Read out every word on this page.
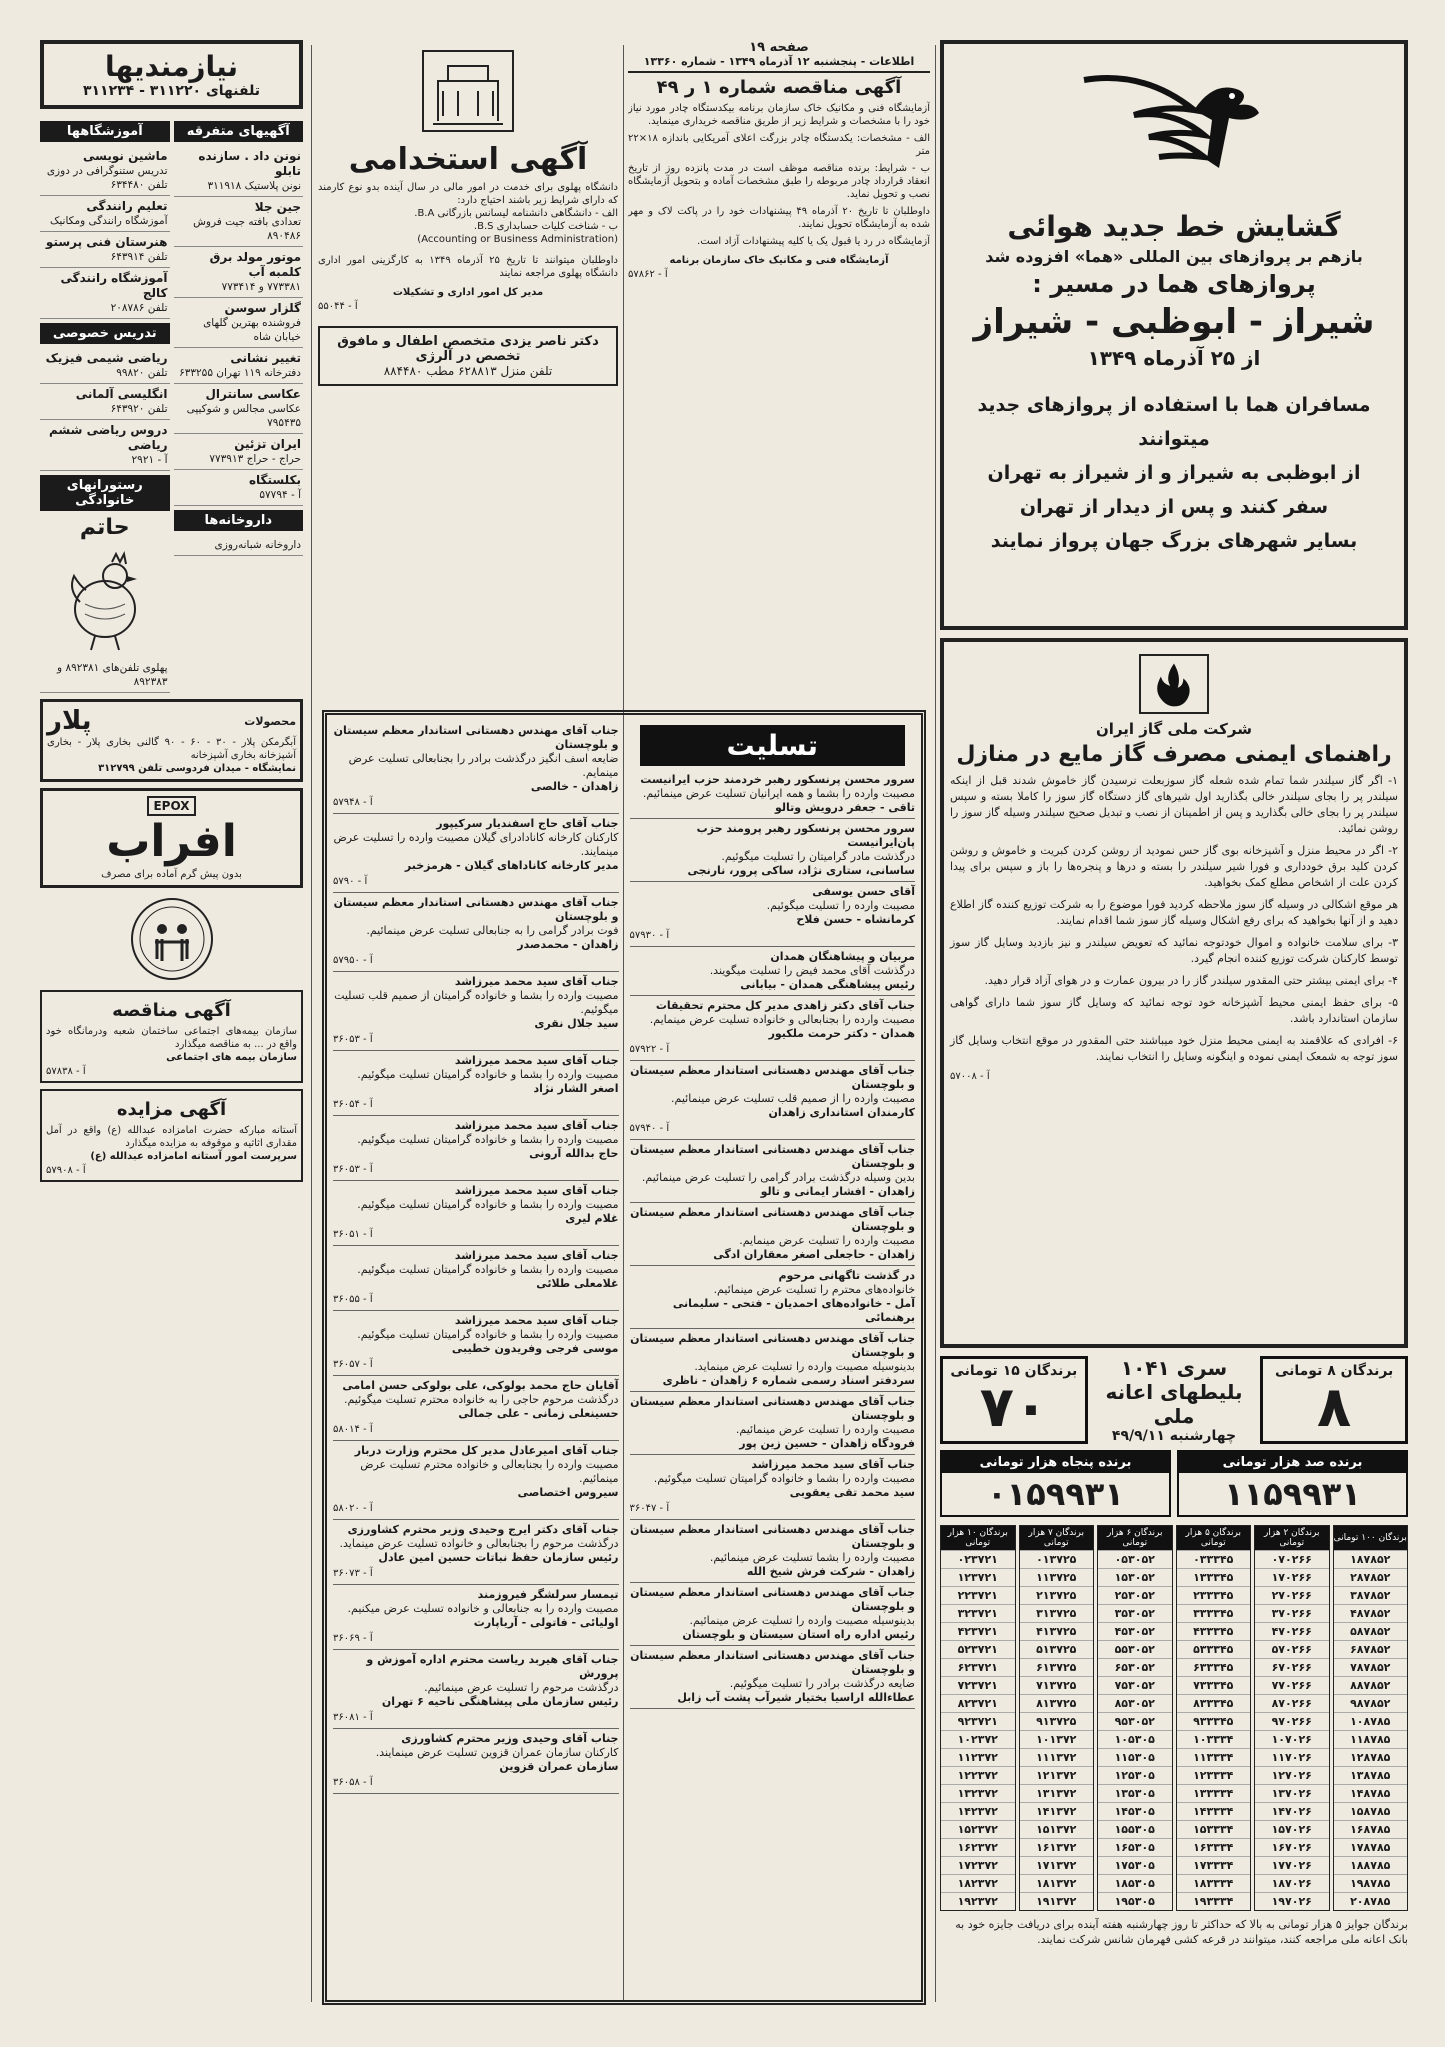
نیازمندیها
تلفنهای ۳۱۱۲۲۰ - ۳۱۱۲۳۴
آگهیهای متفرقه
نونن داد . سازنده تابلو
نونن پلاستیک ۳۱۱۹۱۸
جین جلا
تعدادی بافته جیت فروش ۸۹۰۴۸۶
موتور مولد برق کلمبه آب
۷۷۳۳۸۱ و ۷۷۳۴۱۴
گلزار سوسن
فروشنده بهترین گلهای خیابان شاه
تغییر نشانی
دفترخانه ۱۱۹ تهران ۶۳۳۲۵۵
عکاسی سانترال
عکاسی مجالس و شوکیپی ۷۹۵۴۳۵
ایران تزئین
حراج - حراج ۷۷۳۹۱۳
بکلستگاه
آ - ۵۷۷۹۴
داروخانه‌ها
داروخانه شبانه‌روزی
آموزشگاهها
ماشین نویسی
تدریس ستنوگرافی در دوزی تلفن ۶۳۴۴۸۰
تعلیم رانندگی
آموزشگاه رانندگی ومکانیک
هنرستان فنی پرستو
تلفن ۶۴۳۹۱۴
آموزشگاه رانندگی کالج
تلفن ۲۰۸۷۸۶
تدریس خصوصی
ریاضی شیمی فیزیک
تلفن ۹۹۸۲۰
انگلیسی آلمانی
تلفن ۶۴۳۹۲۰
دروس ریاضی ششم ریاضی
آ - ۲۹۲۱
رستورانهای خانوادگی
حاتم
پهلوی تلفن‌های ۸۹۲۳۸۱ و ۸۹۲۳۸۳
محصولات
پلار
آبگرمکن پلار - ۳۰ - ۶۰ - ۹۰ گالنی بخاری پلار - بخاری آشپزخانه بخاری آشپزخانه
نمایشگاه - میدان فردوسی تلفن ۳۱۲۷۹۹
EPOX
افراب
بدون پیش گرم آماده برای مصرف
آگهی مناقصه
سازمان بیمه‌های اجتماعی ساختمان شعبه ودرمانگاه خود واقع در ... به مناقصه میگذارد
سازمان بیمه های اجتماعی
آ - ۵۷۸۳۸
آگهی مزایده
آستانه مبارکه حضرت امامزاده عبدالله (ع) واقع در آمل مقداری اثاثیه و موقوفه به مزایده میگذارد
سرپرست امور آستانه امامزاده عبدالله (ع)
آ - ۵۷۹۰۸
آگهی استخدامی
دانشگاه پهلوی برای خدمت در امور مالی در سال آینده بدو نوع کارمند که دارای شرایط زیر باشند احتیاج دارد:
الف - دانشگاهی دانشنامه لیسانس بازرگانی B.A.
ب - شناخت کلیات حسابداری B.S.
(Accounting or Business Administration)
داوطلبان میتوانند تا تاریخ ۲۵ آذرماه ۱۳۴۹ به کارگزینی امور اداری دانشگاه پهلوی مراجعه نمایند
مدیر کل امور اداری و تشکیلات
آ - ۵۵۰۴۴
دکتر ناصر یزدی متخصص اطفال و مافوق
تخصص در آلرژی
تلفن منزل ۶۲۸۸۱۳ مطب ۸۸۴۴۸۰
صفحه ۱۹
اطلاعات - پنجشنبه ۱۲ آذرماه ۱۳۴۹ - شماره ۱۳۳۶۰
آگهی مناقصه شماره ۱ ر ۴۹
آزمایشگاه فنی و مکانیک خاک سازمان برنامه بیکدستگاه چادر مورد نیاز خود را با مشخصات و شرایط زیر از طریق مناقصه خریداری مینماید.
الف - مشخصات: یکدستگاه چادر بزرگت اعلای آمریکایی باندازه ۱۸×۲۲ متر
ب - شرایط: برنده مناقصه موظف است در مدت پانزده روز از تاریخ انعقاد قرارداد چادر مربوطه را طبق مشخصات آماده و بتحویل آزمایشگاه نصب و تحویل نماید.
داوطلبان تا تاریخ ۲۰ آذرماه ۴۹ پیشنهادات خود را در پاکت لاک و مهر شده به آزمایشگاه تحویل نمایند.
آزمایشگاه در رد یا قبول یک یا کلیه پیشنهادات آزاد است.
آزمایشگاه فنی و مکانیک خاک سازمان برنامه
آ - ۵۷۸۶۲
تسلیت
سرور محسن پرنسکور رهبر خردمند حزب ایرانیست
مصیبت وارده را بشما و همه ایرانیان تسلیت عرض مینمائیم.
تاقی - جعفر درویش وتالو
سرور محسن پرنسکور رهبر پرومند حزب پان‌ایرانیست
درگذشت مادر گرامیتان را تسلیت میگوئیم.
ساسانی، ستاری نژاد، ساکی پرور، نارنجی
آقای حسن یوسفی
مصیبت وارده را تسلیت میگوئیم.
کرمانشاه - حسن فلاح
آ - ۵۷۹۳۰
مربیان و پیشاهنگان همدان
درگذشت آقای محمد فیض را تسلیت میگویند.
رئیس پیشاهنگی همدان - بیابانی
جناب آقای دکتر زاهدی مدیر کل محترم تحقیقات
مصیبت وارده را بجنابعالی و خانواده تسلیت عرض مینمایم.
همدان - دکتر حرمت ملکیور
آ - ۵۷۹۲۲
جناب آقای مهندس دهستانی استاندار معظم سیستان و بلوچستان
مصیبت وارده را از صمیم قلب تسلیت عرض مینمائیم.
کارمندان استانداری زاهدان
آ - ۵۷۹۴۰
جناب آقای مهندس دهستانی استاندار معظم سیستان و بلوچستان
بدین وسیله درگذشت برادر گرامی را تسلیت عرض مینمائیم.
زاهدان - افشار ایمانی و تالو
جناب آقای مهندس دهستانی استاندار معظم سیستان و بلوچستان
مصیبت وارده را تسلیت عرض مینمایم.
زاهدان - حاجعلی اصغر معقاران ادگی
در گذشت تاگهانی مرحوم
خانواده‌های محترم را تسلیت عرض مینمائیم.
آمل - خانواده‌های احمدیان - فتحی - سلیمانی برهنمائی
جناب آقای مهندس دهستانی استاندار معظم سیستان و بلوچستان
بدینوسیله مصیبت وارده را تسلیت عرض مینماید.
سردفتر اسناد رسمی شماره ۶ زاهدان - ناظری
جناب آقای مهندس دهستانی استاندار معظم سیستان و بلوچستان
مصیبت وارده را تسلیت عرض مینمائیم.
فرودگاه زاهدان - حسین زین پور
جناب آقای سید محمد میرزاشد
مصیبت وارده را بشما و خانواده گرامیتان تسلیت میگوئیم.
سید محمد تقی یعقوبی
آ - ۳۶۰۴۷
جناب آقای مهندس دهستانی استاندار معظم سیستان و بلوچستان
مصیبت وارده را بشما تسلیت عرض مینمائیم.
زاهدان - شرکت فرش شیخ الله
جناب آقای مهندس دهستانی استاندار معظم سیستان و بلوچستان
بدینوسیله مصیبت وارده را تسلیت عرض مینمائیم.
رئیس اداره راه استان سیستان و بلوچستان
جناب آقای مهندس دهستانی استاندار معظم سیستان و بلوچستان
ضایعه درگذشت برادر را تسلیت میگوئیم.
عطاءالله اراسیا بختیار شیرآب پشت آب زابل
جناب آقای مهندس دهستانی استاندار معظم سیستان و بلوچستان
ضایعه اسف انگیز درگذشت برادر را بجنابعالی تسلیت عرض مینمایم.
زاهدان - خالصی
آ - ۵۷۹۴۸
جناب آقای حاج اسفندیار سرکیپور
کارکنان کارخانه کانادادرای گیلان مصیبت وارده را تسلیت عرض مینمایند.
مدیر کارخانه کاناداهای گیلان - هرمزخبر
آ - ۵۷۹۰
جناب آقای مهندس دهستانی استاندار معظم سیستان و بلوچستان
فوت برادر گرامی را به جنابعالی تسلیت عرض مینمائیم.
زاهدان - محمدصدر
آ - ۵۷۹۵۰
جناب آقای سید محمد میرزاشد
مصیبت وارده را بشما و خانواده گرامیتان از صمیم قلب تسلیت میگوئیم.
سید جلال نقری
آ - ۳۶۰۵۳
جناب آقای سید محمد میرزاشد
مصیبت وارده را بشما و خانواده گرامیتان تسلیت میگوئیم.
اصغر الشار نژاد
آ - ۳۶۰۵۴
جناب آقای سید محمد میرزاشد
مصیبت وارده را بشما و خانواده گرامیتان تسلیت میگوئیم.
حاج بدالله آرونی
آ - ۳۶۰۵۳
جناب آقای سید محمد میرزاشد
مصیبت وارده را بشما و خانواده گرامیتان تسلیت میگوئیم.
غلام لیری
آ - ۳۶۰۵۱
جناب آقای سید محمد میرزاشد
مصیبت وارده را بشما و خانواده گرامیتان تسلیت میگوئیم.
غلامعلی طلائی
آ - ۳۶۰۵۵
جناب آقای سید محمد میرزاشد
مصیبت وارده را بشما و خانواده گرامیتان تسلیت میگوئیم.
موسی فرجی وفریدون خطیبی
آ - ۳۶۰۵۷
آقایان حاج محمد بولوکی، علی بولوکی حسن امامی
درگذشت مرحوم حاجی را به خانواده محترم تسلیت میگوئیم.
حسینعلی زمانی - علی جمالی
آ - ۵۸۰۱۴
جناب آقای امیرعادل مدیر کل محترم وزارت دربار
مصیبت وارده را بجنابعالی و خانواده محترم تسلیت عرض مینمائیم.
سیروس اختصاصی
آ - ۵۸۰۲۰
جناب آقای دکتر ایرج وحیدی وزیر محترم کشاورزی
درگذشت مرحوم را بجنابعالی و خانواده تسلیت عرض مینماید.
رئیس سازمان حفظ نباتات حسین امین عادل
آ - ۳۶۰۷۳
تیمسار سرلشگر فیروزمند
مصیبت وارده را به جنابعالی و خانواده تسلیت عرض میکنیم.
اولیائی - فاتولی - آریاپارت
آ - ۳۶۰۶۹
جناب آقای هیربد ریاست محترم اداره آموزش و پرورش
درگذشت مرحوم را تسلیت عرض مینمائیم.
رئیس سازمان ملی پیشاهنگی ناحیه ۶ تهران
آ - ۳۶۰۸۱
جناب آقای وحیدی وزیر محترم کشاورزی
کارکنان سازمان عمران قزوین تسلیت عرض مینمایند.
سازمان عمران قزوین
آ - ۳۶۰۵۸
گشایش خط جدید هوائی
بازهم بر پروازهای بین المللی «هما» افزوده شد
پروازهای هما در مسیر :
شیراز - ابوظبی - شیراز
از ۲۵ آذرماه ۱۳۴۹
مسافران هما با استفاده از پروازهای جدید میتوانند
از ابوظبی به شیراز و از شیراز به تهران
سفر کنند و پس از دیدار از تهران
بسایر شهرهای بزرگ جهان پرواز نمایند
شرکت ملی گاز ایران
راهنمای ایمنی مصرف گاز مایع در منازل
۱- اگر گاز سیلندر شما تمام شده شعله گاز سوزبعلت نرسیدن گاز خاموش شدند قبل از اینکه سیلندر پر را بجای سیلندر خالی بگذارید اول شیرهای گاز دستگاه گاز سوز را کاملا بسته و سپس سیلندر پر را بجای خالی بگذارید و پس از اطمینان از نصب و تبدیل صحیح سیلندر وسیله گاز سوز را روشن نمائید.
۲- اگر در محیط منزل و آشپزخانه بوی گاز حس نمودید از روشن کردن کبریت و خاموش و روشن کردن کلید برق خودداری و فورا شیر سیلندر را بسته و درها و پنجره‌ها را باز و سپس برای پیدا کردن علت از اشخاص مطلع کمک بخواهید.
هر موقع اشکالی در وسیله گاز سوز ملاحظه کردید فورا موضوع را به شرکت توزیع کننده گاز اطلاع دهید و از آنها بخواهید که برای رفع اشکال وسیله گاز سوز شما اقدام نمایند.
۳- برای سلامت خانواده و اموال خودتوجه نمائید که تعویض سیلندر و نیز بازدید وسایل گاز سوز توسط کارکنان شرکت توزیع کننده انجام گیرد.
۴- برای ایمنی بیشتر حتی المقدور سیلندر گاز را در بیرون عمارت و در هوای آزاد قرار دهید.
۵- برای حفظ ایمنی محیط آشپزخانه خود توجه نمائید که وسایل گاز سوز شما دارای گواهی سازمان استاندارد باشد.
۶- افرادی که علاقمند به ایمنی محیط منزل خود میباشند حتی المقدور در موقع انتخاب وسایل گاز سوز توجه به شمعک ایمنی نموده و اینگونه وسایل را انتخاب نمایند.
آ - ۵۷۰۰۸
برندگان ۱۵ تومانی
۷۰
سری ۱۰۴۱
بلیطهای اعانه ملی
چهارشنبه ۴۹/۹/۱۱
برندگان ۸ تومانی
۸
برنده پنجاه هزار تومانی
۰۱۵۹۹۳۱
برنده صد هزار تومانی
۱۱۵۹۹۳۱
برندگان ۱۰۰ تومانی
۱۸۷۸۵۲
۲۸۷۸۵۲
۳۸۷۸۵۲
۴۸۷۸۵۲
۵۸۷۸۵۲
۶۸۷۸۵۲
۷۸۷۸۵۲
۸۸۷۸۵۲
۹۸۷۸۵۲
۱۰۸۷۸۵
۱۱۸۷۸۵
۱۲۸۷۸۵
۱۳۸۷۸۵
۱۴۸۷۸۵
۱۵۸۷۸۵
۱۶۸۷۸۵
۱۷۸۷۸۵
۱۸۸۷۸۵
۱۹۸۷۸۵
۲۰۸۷۸۵
برندگان ۲ هزار تومانی
۰۷۰۲۶۶
۱۷۰۲۶۶
۲۷۰۲۶۶
۳۷۰۲۶۶
۴۷۰۲۶۶
۵۷۰۲۶۶
۶۷۰۲۶۶
۷۷۰۲۶۶
۸۷۰۲۶۶
۹۷۰۲۶۶
۱۰۷۰۲۶
۱۱۷۰۲۶
۱۲۷۰۲۶
۱۳۷۰۲۶
۱۴۷۰۲۶
۱۵۷۰۲۶
۱۶۷۰۲۶
۱۷۷۰۲۶
۱۸۷۰۲۶
۱۹۷۰۲۶
برندگان ۵ هزار تومانی
۰۳۳۳۴۵
۱۳۳۳۴۵
۲۳۳۳۴۵
۳۳۳۳۴۵
۴۳۳۳۴۵
۵۳۳۳۴۵
۶۳۳۳۴۵
۷۳۳۳۴۵
۸۳۳۳۴۵
۹۳۳۳۴۵
۱۰۳۳۳۴
۱۱۳۳۳۴
۱۲۳۳۳۴
۱۳۳۳۳۴
۱۴۳۳۳۴
۱۵۳۳۳۴
۱۶۳۳۳۴
۱۷۳۳۳۴
۱۸۳۳۳۴
۱۹۳۳۳۴
برندگان ۶ هزار تومانی
۰۵۳۰۵۲
۱۵۳۰۵۲
۲۵۳۰۵۲
۳۵۳۰۵۲
۴۵۳۰۵۲
۵۵۳۰۵۲
۶۵۳۰۵۲
۷۵۳۰۵۲
۸۵۳۰۵۲
۹۵۳۰۵۲
۱۰۵۳۰۵
۱۱۵۳۰۵
۱۲۵۳۰۵
۱۳۵۳۰۵
۱۴۵۳۰۵
۱۵۵۳۰۵
۱۶۵۳۰۵
۱۷۵۳۰۵
۱۸۵۳۰۵
۱۹۵۳۰۵
برندگان ۷ هزار تومانی
۰۱۳۷۲۵
۱۱۳۷۲۵
۲۱۳۷۲۵
۳۱۳۷۲۵
۴۱۳۷۲۵
۵۱۳۷۲۵
۶۱۳۷۲۵
۷۱۳۷۲۵
۸۱۳۷۲۵
۹۱۳۷۲۵
۱۰۱۳۷۲
۱۱۱۳۷۲
۱۲۱۳۷۲
۱۳۱۳۷۲
۱۴۱۳۷۲
۱۵۱۳۷۲
۱۶۱۳۷۲
۱۷۱۳۷۲
۱۸۱۳۷۲
۱۹۱۳۷۲
برندگان ۱۰ هزار تومانی
۰۲۳۷۲۱
۱۲۳۷۲۱
۲۲۳۷۲۱
۳۲۳۷۲۱
۴۲۳۷۲۱
۵۲۳۷۲۱
۶۲۳۷۲۱
۷۲۳۷۲۱
۸۲۳۷۲۱
۹۲۳۷۲۱
۱۰۲۳۷۲
۱۱۲۳۷۲
۱۲۲۳۷۲
۱۳۲۳۷۲
۱۴۲۳۷۲
۱۵۲۳۷۲
۱۶۲۳۷۲
۱۷۲۳۷۲
۱۸۲۳۷۲
۱۹۲۳۷۲
برندگان جوایز ۵ هزار تومانی به بالا که حداکثر تا روز چهارشنبه هفته آینده برای دریافت جایزه خود به بانک اعانه ملی مراجعه کنند، میتوانند در قرعه کشی فهرمان شانس شرکت نمایند.
